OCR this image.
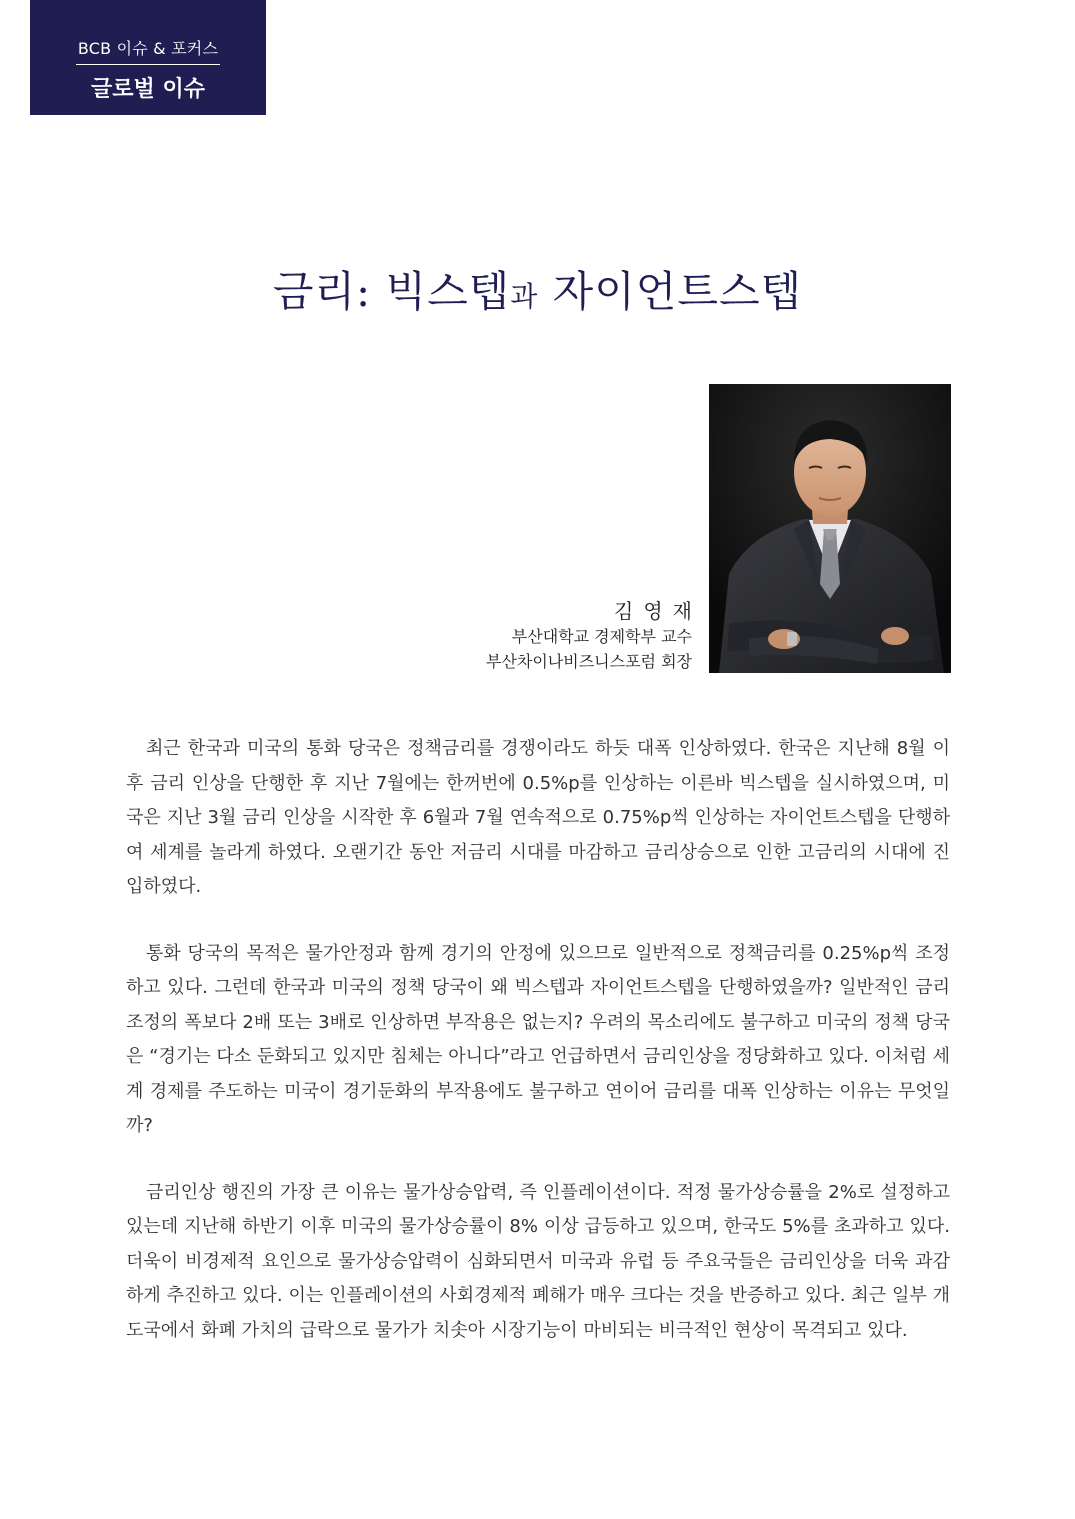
BCB 이슈 & 포커스
글로벌 이슈
금리: 빅스텝과 자이언트스텝
김영재
부산대학교 경제학부 교수
부산차이나비즈니스포럼 회장

최근 한국과 미국의 통화 당국은 정책금리를 경쟁이라도 하듯 대폭 인상하였다. 한국은 지난해 8월 이후 금리 인상을 단행한 후 지난 7월에는 한꺼번에 0.5%p를 인상하는 이른바 빅스텝을 실시하였으며, 미국은 지난 3월 금리 인상을 시작한 후 6월과 7월 연속적으로 0.75%p씩 인상하는 자이언트스텝을 단행하여 세계를 놀라게 하였다. 오랜기간 동안 저금리 시대를 마감하고 금리상승으로 인한 고금리의 시대에 진입하였다.

통화 당국의 목적은 물가안정과 함께 경기의 안정에 있으므로 일반적으로 정책금리를 0.25%p씩 조정하고 있다. 그런데 한국과 미국의 정책 당국이 왜 빅스텝과 자이언트스텝을 단행하였을까? 일반적인 금리조정의 폭보다 2배 또는 3배로 인상하면 부작용은 없는지? 우려의 목소리에도 불구하고 미국의 정책 당국은 “경기는 다소 둔화되고 있지만 침체는 아니다”라고 언급하면서 금리인상을 정당화하고 있다. 이처럼 세계 경제를 주도하는 미국이 경기둔화의 부작용에도 불구하고 연이어 금리를 대폭 인상하는 이유는 무엇일까?

금리인상 행진의 가장 큰 이유는 물가상승압력, 즉 인플레이션이다. 적정 물가상승률을 2%로 설정하고 있는데 지난해 하반기 이후 미국의 물가상승률이 8% 이상 급등하고 있으며, 한국도 5%를 초과하고 있다. 더욱이 비경제적 요인으로 물가상승압력이 심화되면서 미국과 유럽 등 주요국들은 금리인상을 더욱 과감하게 추진하고 있다. 이는 인플레이션의 사회경제적 폐해가 매우 크다는 것을 반증하고 있다. 최근 일부 개도국에서 화폐 가치의 급락으로 물가가 치솟아 시장기능이 마비되는 비극적인 현상이 목격되고 있다.
